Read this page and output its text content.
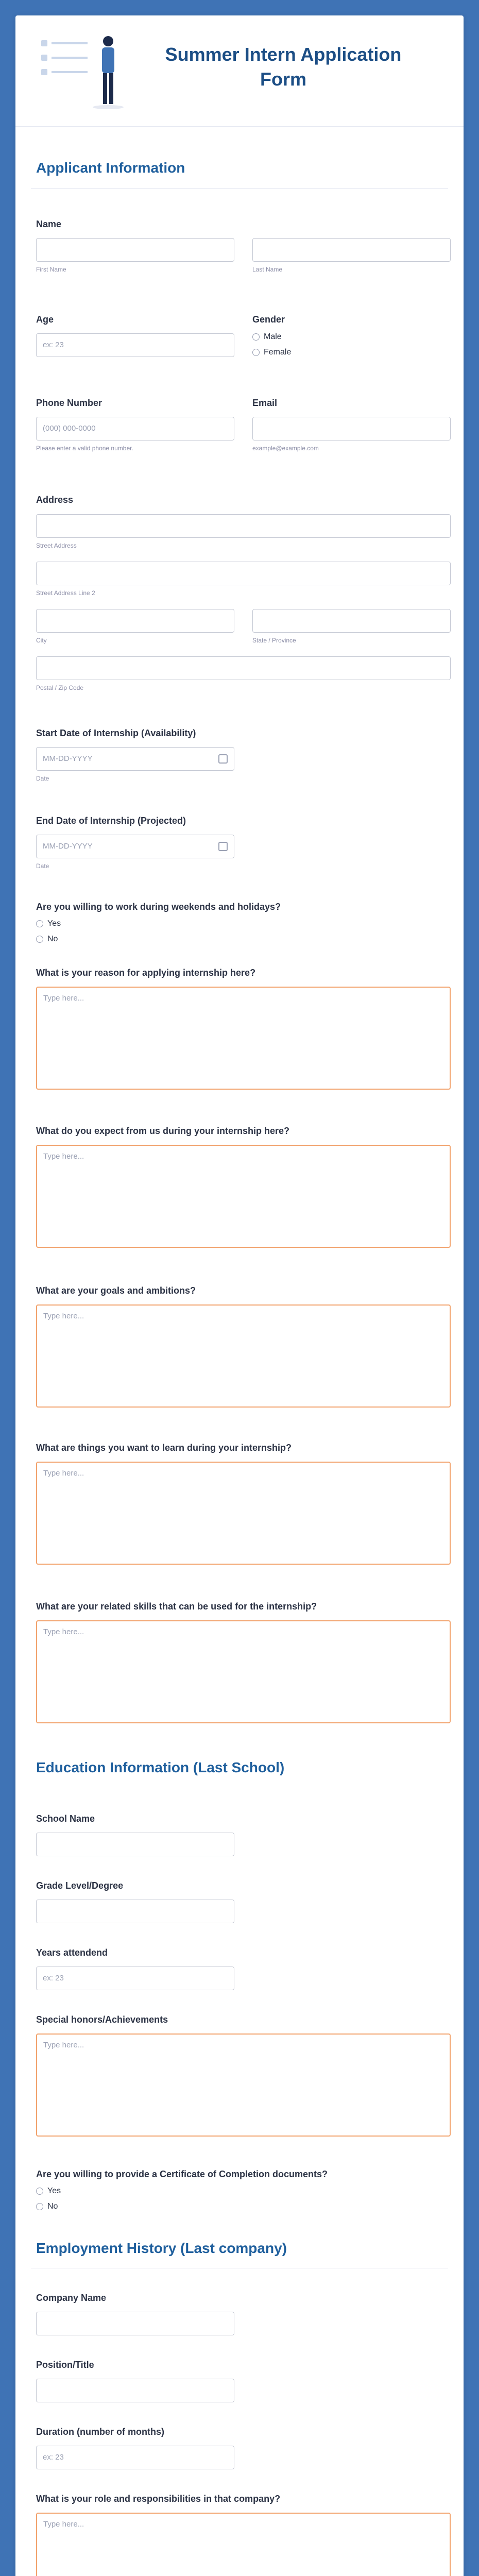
Summer Intern Application
Form
Applicant Information
Name
First Name	Last Name
Age
ex: 23
Gender
Male
Female
Phone Number
(000) 000-0000
Please enter a valid phone number.
Email
example@example.com
Address
Street Address
Street Address Line 2
City	State / Province
Postal / Zip Code
Start Date of Internship (Availability)
MM-DD-YYYY
Date
End Date of Internship (Projected)
MM-DD-YYYY
Date
Are you willing to work during weekends and holidays?
Yes
No
What is your reason for applying internship here?
Type here...
What do you expect from us during your internship here?
Type here...
What are your goals and ambitions?
Type here...
What are things you want to learn during your internship?
Type here...
What are your related skills that can be used for the internship?
Type here...
Education Information (Last School)
School Name
Grade Level/Degree
Years attendend
ex: 23
Special honors/Achievements
Type here...
Are you willing to provide a Certificate of Completion documents?
Yes
No
Employment History (Last company)
Company Name
Position/Title
Duration (number of months)
ex: 23
What is your role and responsibilities in that company?
Type here...
